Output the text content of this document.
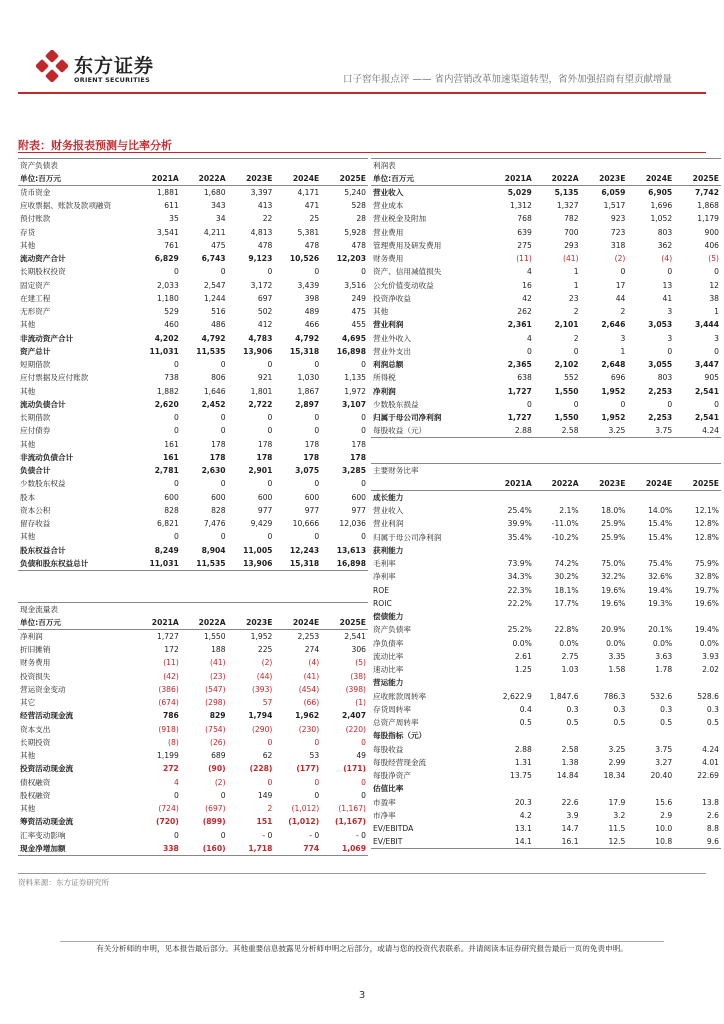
东方证券
ORIENT SECURITIES	口子窖年报点评 —— 省内营销改革加速渠道转型，省外加强招商有望贡献增量
附表：财务报表预测与比率分析
资产负债表					
单位:百万元	2021A	2022A	2023E	2024E	2025E
货币资金	1,881	1,680	3,397	4,171	5,240
应收票据、账款及款项融资	611	343	413	471	528
预付账款	35	34	22	25	28
存货	3,541	4,211	4,813	5,381	5,928
其他	761	475	478	478	478
流动资产合计	6,829	6,743	9,123	10,526	12,203
长期股权投资	0	0	0	0	0
固定资产	2,033	2,547	3,172	3,439	3,516
在建工程	1,180	1,244	697	398	249
无形资产	529	516	502	489	475
其他	460	486	412	466	455
非流动资产合计	4,202	4,792	4,783	4,792	4,695
资产总计	11,031	11,535	13,906	15,318	16,898
短期借款	0	0	0	0	0
应付票据及应付账款	738	806	921	1,030	1,135
其他	1,882	1,646	1,801	1,867	1,972
流动负债合计	2,620	2,452	2,722	2,897	3,107
长期借款	0	0	0	0	0
应付债券	0	0	0	0	0
其他	161	178	178	178	178
非流动负债合计	161	178	178	178	178
负债合计	2,781	2,630	2,901	3,075	3,285
少数股东权益	0	0	0	0	0
股本	600	600	600	600	600
资本公积	828	828	977	977	977
留存收益	6,821	7,476	9,429	10,666	12,036
其他	0	0	0	0	0
股东权益合计	8,249	8,904	11,005	12,243	13,613
负债和股东权益总计	11,031	11,535	13,906	15,318	16,898
现金流量表					
单位:百万元	2021A	2022A	2023E	2024E	2025E
净利润	1,727	1,550	1,952	2,253	2,541
折旧摊销	172	188	225	274	306
财务费用	(11)	(41)	(2)	(4)	(5)
投资损失	(42)	(23)	(44)	(41)	(38)
营运资金变动	(386)	(547)	(393)	(454)	(398)
其它	(674)	(298)	57	(66)	(1)
经营活动现金流	786	829	1,794	1,962	2,407
资本支出	(918)	(754)	(290)	(230)	(220)
长期投资	(8)	(26)	0	0	0
其他	1,199	689	62	53	49
投资活动现金流	272	(90)	(228)	(177)	(171)
债权融资	4	(2)	0	0	0
股权融资	0	0	149	0	0
其他	(724)	(697)	2	(1,012)	(1,167)
筹资活动现金流	(720)	(899)	151	(1,012)	(1,167)
汇率变动影响	0	0	- 0	- 0	- 0
现金净增加额	338	(160)	1,718	774	1,069
利润表					
单位:百万元	2021A	2022A	2023E	2024E	2025E
营业收入	5,029	5,135	6,059	6,905	7,742
营业成本	1,312	1,327	1,517	1,696	1,868
营业税金及附加	768	782	923	1,052	1,179
营业费用	639	700	723	803	900
管理费用及研发费用	275	293	318	362	406
财务费用	(11)	(41)	(2)	(4)	(5)
资产、信用减值损失	4	1	0	0	0
公允价值变动收益	16	1	17	13	12
投资净收益	42	23	44	41	38
其他	262	2	2	3	1
营业利润	2,361	2,101	2,646	3,053	3,444
营业外收入	4	2	3	3	3
营业外支出	0	0	1	0	0
利润总额	2,365	2,102	2,648	3,055	3,447
所得税	638	552	696	803	905
净利润	1,727	1,550	1,952	2,253	2,541
少数股东损益	0	0	0	0	0
归属于母公司净利润	1,727	1,550	1,952	2,253	2,541
每股收益（元）	2.88	2.58	3.25	3.75	4.24
主要财务比率					
	2021A	2022A	2023E	2024E	2025E
成长能力					
营业收入	25.4%	2.1%	18.0%	14.0%	12.1%
营业利润	39.9%	-11.0%	25.9%	15.4%	12.8%
归属于母公司净利润	35.4%	-10.2%	25.9%	15.4%	12.8%
获利能力					
毛利率	73.9%	74.2%	75.0%	75.4%	75.9%
净利率	34.3%	30.2%	32.2%	32.6%	32.8%
ROE	22.3%	18.1%	19.6%	19.4%	19.7%
ROIC	22.2%	17.7%	19.6%	19.3%	19.6%
偿债能力					
资产负债率	25.2%	22.8%	20.9%	20.1%	19.4%
净负债率	0.0%	0.0%	0.0%	0.0%	0.0%
流动比率	2.61	2.75	3.35	3.63	3.93
速动比率	1.25	1.03	1.58	1.78	2.02
营运能力					
应收账款周转率	2,622.9	1,847.6	786.3	532.6	528.6
存货周转率	0.4	0.3	0.3	0.3	0.3
总资产周转率	0.5	0.5	0.5	0.5	0.5
每股指标（元）					
每股收益	2.88	2.58	3.25	3.75	4.24
每股经营现金流	1.31	1.38	2.99	3.27	4.01
每股净资产	13.75	14.84	18.34	20.40	22.69
估值比率					
市盈率	20.3	22.6	17.9	15.6	13.8
市净率	4.2	3.9	3.2	2.9	2.6
EV/EBITDA	13.1	14.7	11.5	10.0	8.8
EV/EBIT	14.1	16.1	12.5	10.8	9.6
资料来源：东方证券研究所
有关分析师的申明，见本报告最后部分。其他重要信息披露见分析师申明之后部分，或请与您的投资代表联系。并请阅读本证券研究报告最后一页的免责申明。
3
